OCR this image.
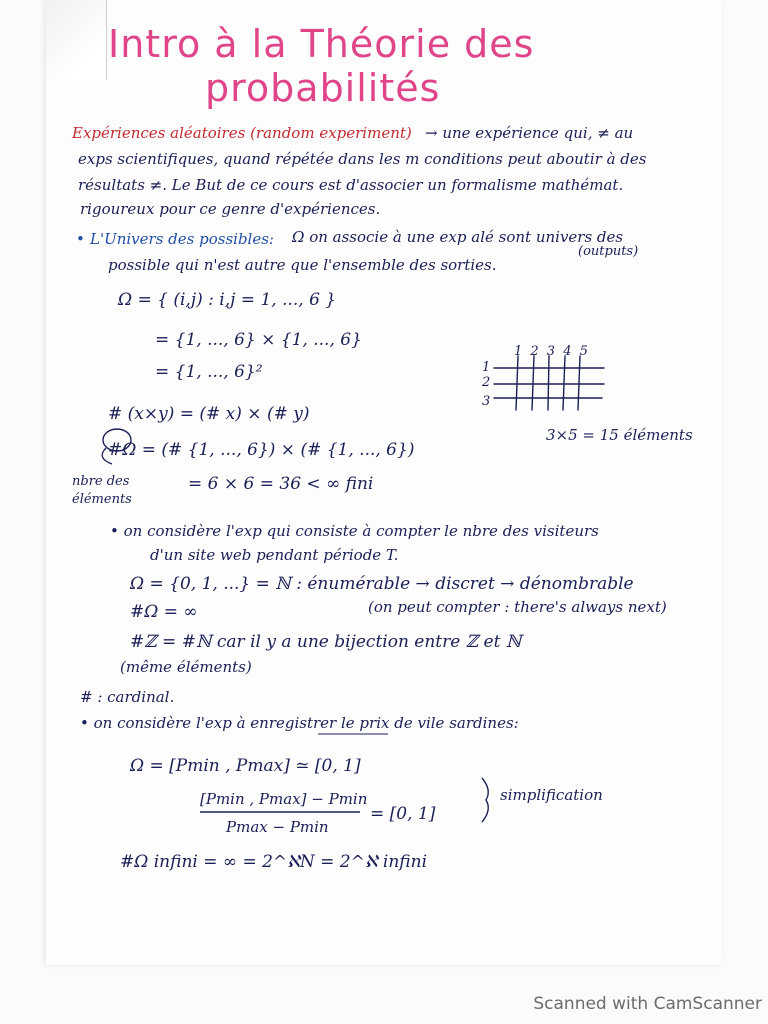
Intro à la Théorie des
probabilités
Expériences aléatoires (random experiment) → une expérience qui, ≠ au
exps scientifiques, quand répétée dans les m conditions peut aboutir à des
résultats ≠. Le But de ce cours est d'associer un formalisme mathémat.
rigoureux pour ce genre d'expériences.
• L'Univers des possibles: Ω on associe à une exp alé sont univers des
possible qui n'est autre que l'ensemble des sorties.
(outputs)
Ω = { (i,j) : i,j = 1, ..., 6 }
= {1, ..., 6} × {1, ..., 6}
= {1, ..., 6}²
1 2 3 4 5
1
2
3
3×5 = 15 éléments
# (x×y) = (# x) × (# y)
#Ω = (# {1, ..., 6}) × (# {1, ..., 6})
= 6 × 6 = 36 < ∞ fini
nbre des
éléments
• on considère l'exp qui consiste à compter le nbre des visiteurs
d'un site web pendant période T.
Ω = {0, 1, ...} = ℕ : énumérable → discret → dénombrable
(on peut compter : there's always next)
#Ω = ∞
#ℤ = #ℕ car il y a une bijection entre ℤ et ℕ
(même éléments)
# : cardinal.
• on considère l'exp à enregistrer le prix de vile sardines:
Ω = [Pmin , Pmax] ≃ [0, 1]
[Pmin , Pmax] − Pmin
Pmax − Pmin
= [0, 1]
simplification
#Ω infini = ∞ = 2^ℵN = 2^ℵ infini
Scanned with CamScanner
